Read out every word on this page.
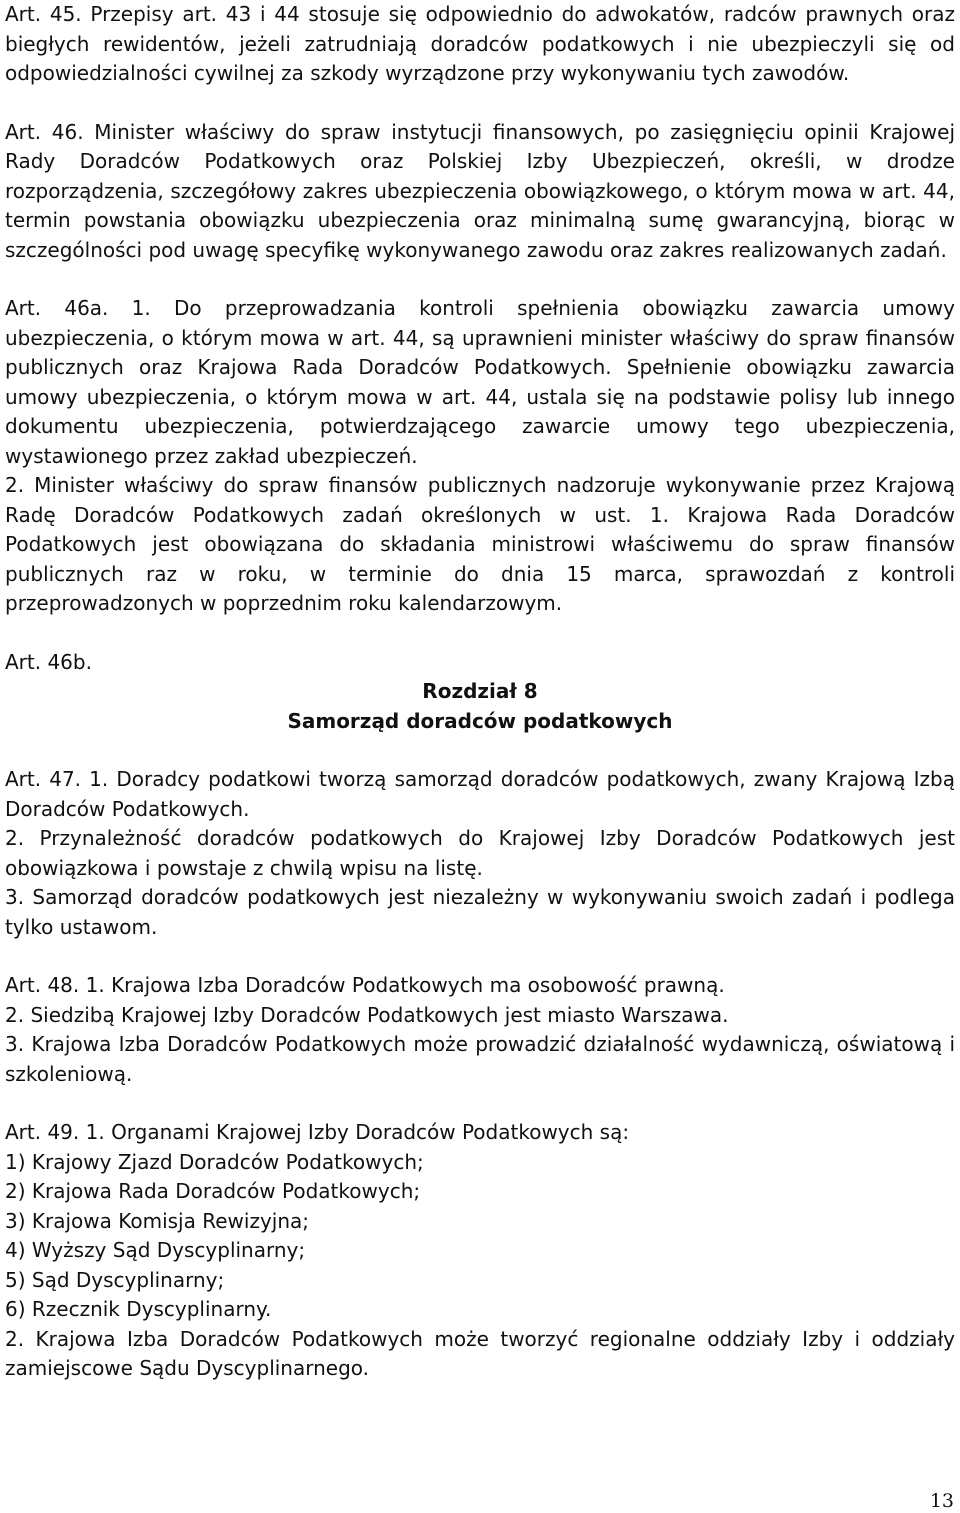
Art. 45. Przepisy art. 43 i 44 stosuje się odpowiednio do adwokatów, radców prawnych oraz biegłych rewidentów, jeżeli zatrudniają doradców podatkowych i nie ubezpieczyli się od odpowiedzialności cywilnej za szkody wyrządzone przy wykonywaniu tych zawodów.

Art. 46. Minister właściwy do spraw instytucji finansowych, po zasięgnięciu opinii Krajowej Rady Doradców Podatkowych oraz Polskiej Izby Ubezpieczeń, określi, w drodze rozporządzenia, szczegółowy zakres ubezpieczenia obowiązkowego, o którym mowa w art. 44, termin powstania obowiązku ubezpieczenia oraz minimalną sumę gwarancyjną, biorąc w szczególności pod uwagę specyfikę wykonywanego zawodu oraz zakres realizowanych zadań.

Art. 46a. 1. Do przeprowadzania kontroli spełnienia obowiązku zawarcia umowy ubezpieczenia, o którym mowa w art. 44, są uprawnieni minister właściwy do spraw finansów publicznych oraz Krajowa Rada Doradców Podatkowych. Spełnienie obowiązku zawarcia umowy ubezpieczenia, o którym mowa w art. 44, ustala się na podstawie polisy lub innego dokumentu ubezpieczenia, potwierdzającego zawarcie umowy tego ubezpieczenia, wystawionego przez zakład ubezpieczeń.

2. Minister właściwy do spraw finansów publicznych nadzoruje wykonywanie przez Krajową Radę Doradców Podatkowych zadań określonych w ust. 1. Krajowa Rada Doradców Podatkowych jest obowiązana do składania ministrowi właściwemu do spraw finansów publicznych raz w roku, w terminie do dnia 15 marca, sprawozdań z kontroli przeprowadzonych w poprzednim roku kalendarzowym.

Art. 46b.

Rozdział 8

Samorząd doradców podatkowych

Art. 47. 1. Doradcy podatkowi tworzą samorząd doradców podatkowych, zwany Krajową Izbą Doradców Podatkowych.

2. Przynależność doradców podatkowych do Krajowej Izby Doradców Podatkowych jest obowiązkowa i powstaje z chwilą wpisu na listę.

3. Samorząd doradców podatkowych jest niezależny w wykonywaniu swoich zadań i podlega tylko ustawom.

Art. 48. 1. Krajowa Izba Doradców Podatkowych ma osobowość prawną.

2. Siedzibą Krajowej Izby Doradców Podatkowych jest miasto Warszawa.

3. Krajowa Izba Doradców Podatkowych może prowadzić działalność wydawniczą, oświatową i szkoleniową.

Art. 49. 1. Organami Krajowej Izby Doradców Podatkowych są:

1) Krajowy Zjazd Doradców Podatkowych;

2) Krajowa Rada Doradców Podatkowych;

3) Krajowa Komisja Rewizyjna;

4) Wyższy Sąd Dyscyplinarny;

5) Sąd Dyscyplinarny;

6) Rzecznik Dyscyplinarny.

2. Krajowa Izba Doradców Podatkowych może tworzyć regionalne oddziały Izby i oddziały zamiejscowe Sądu Dyscyplinarnego.

13
